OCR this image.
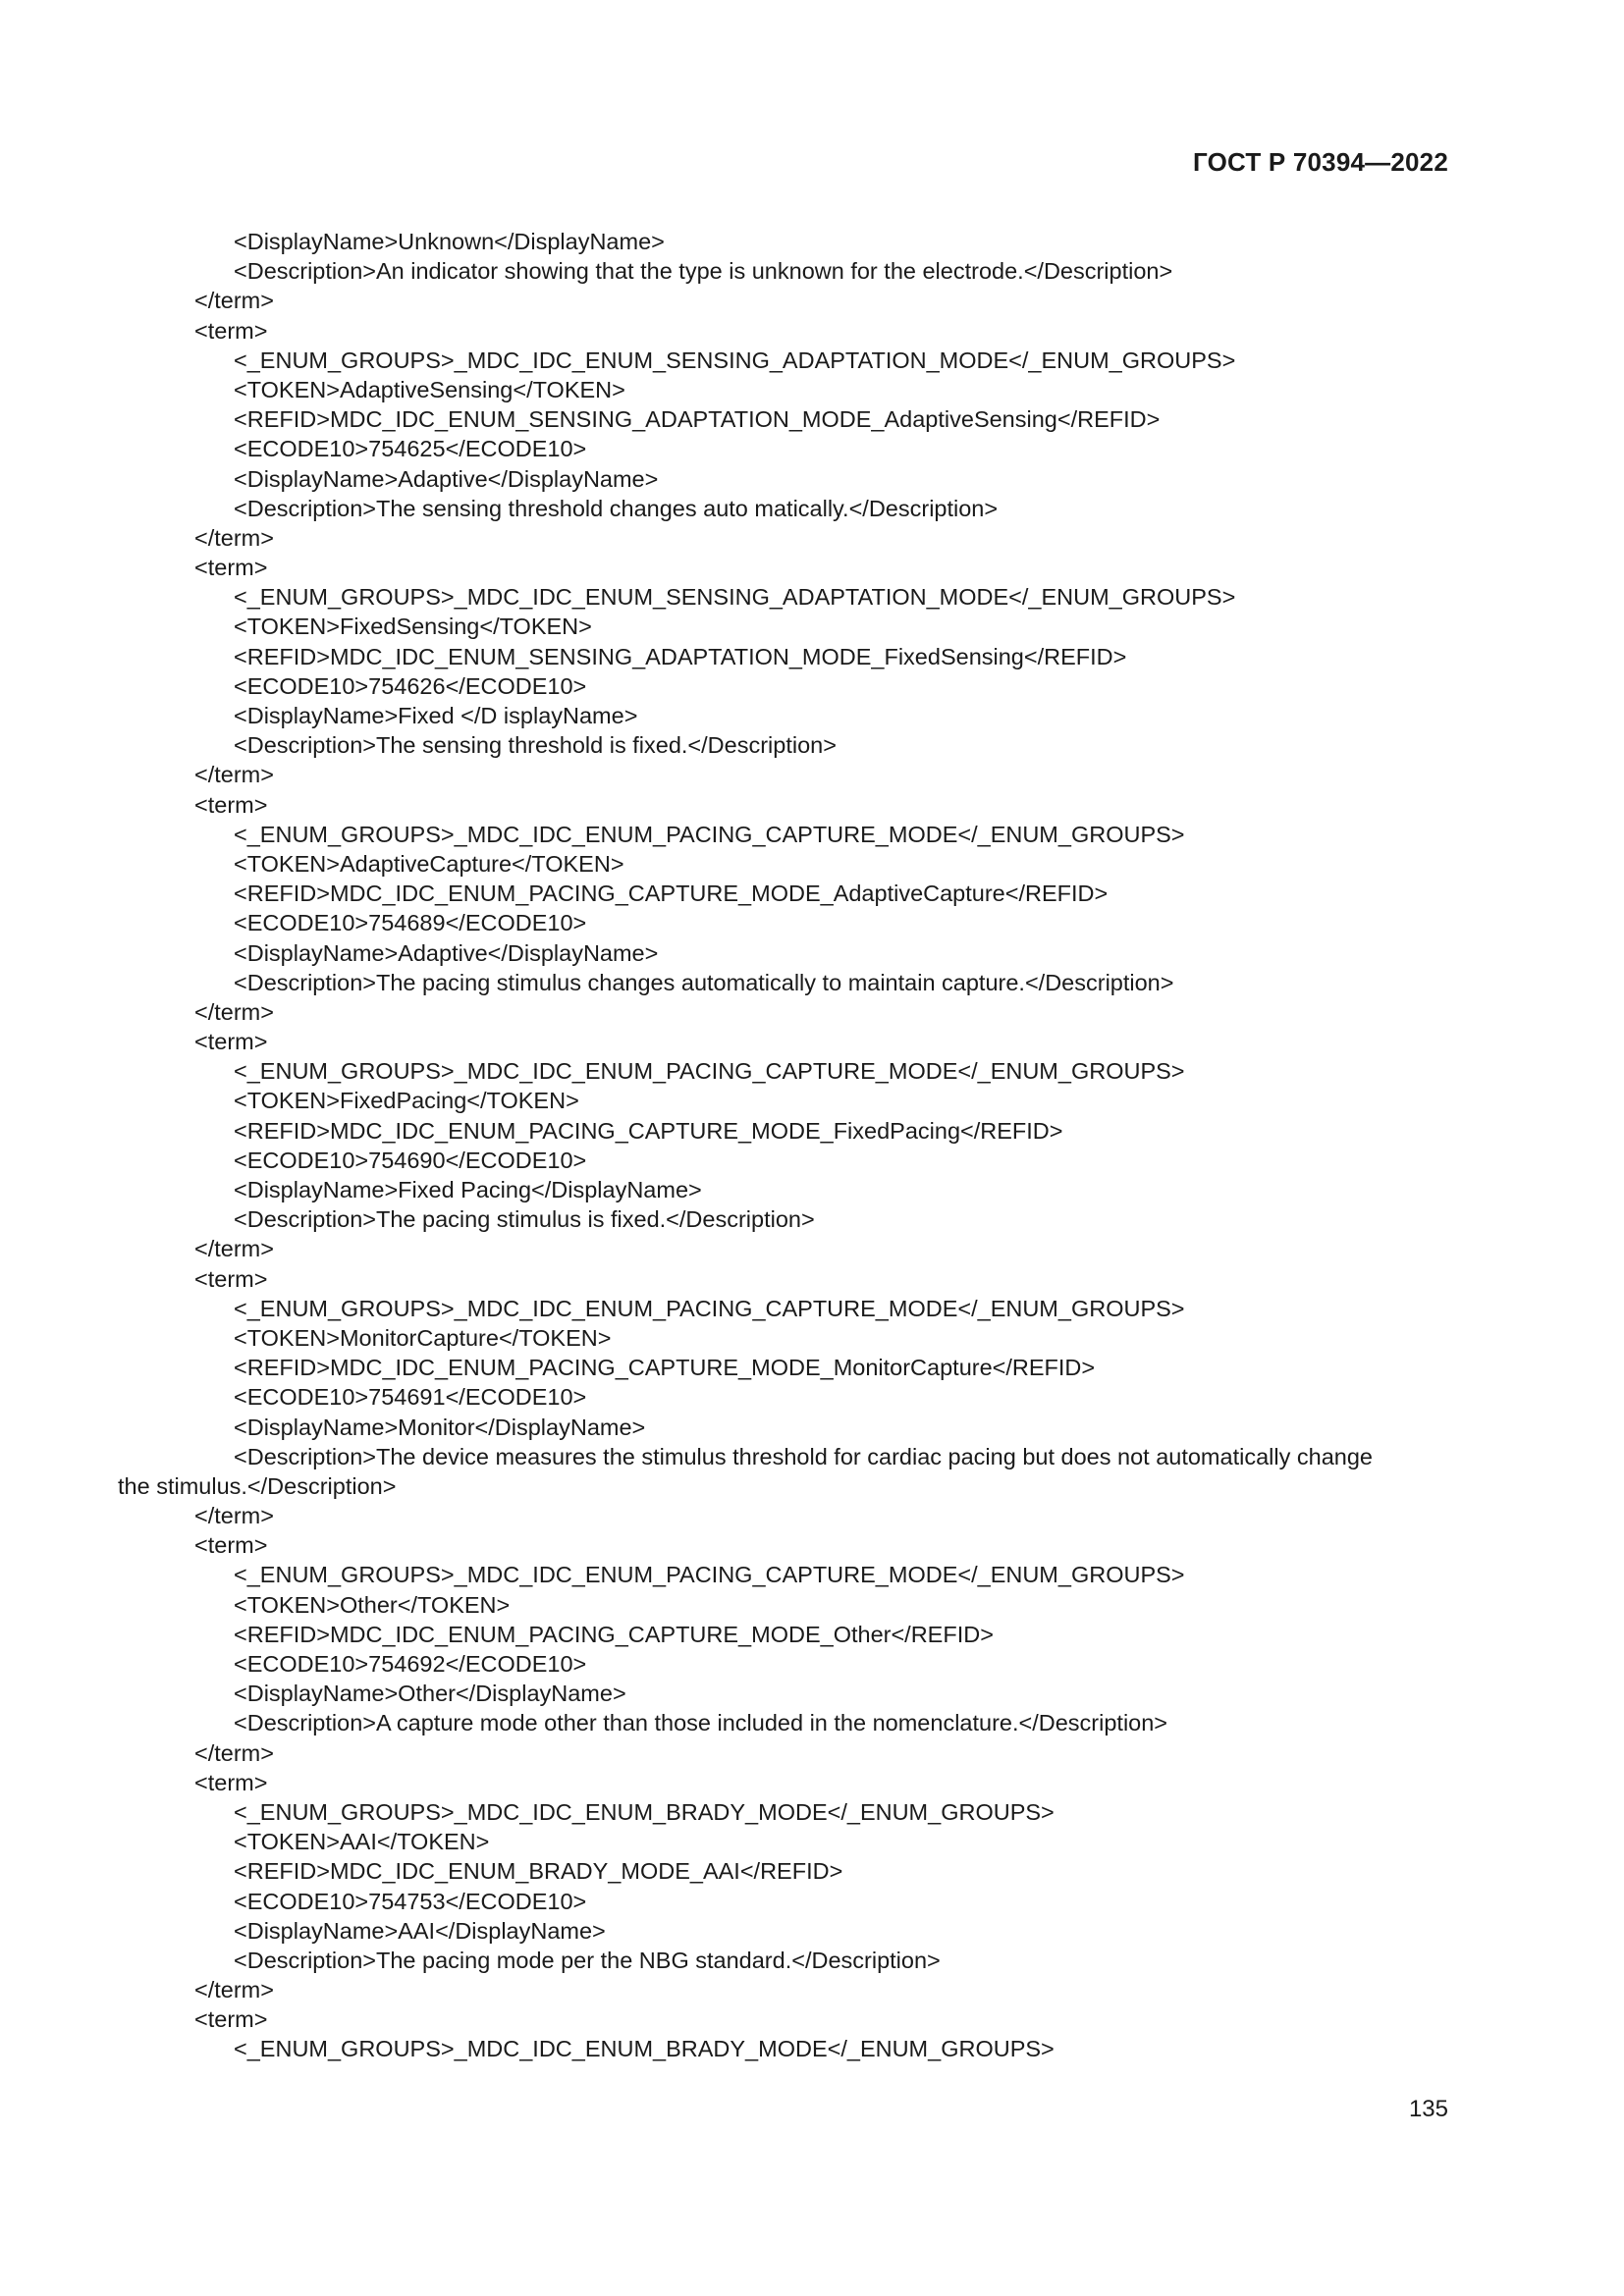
ГОСТ Р 70394—2022
<DisplayName>Unknown</DisplayName>
<Description>An indicator showing that the type is unknown for the electrode.</Description>
</term>
<term>
<_ENUM_GROUPS>_MDC_IDC_ENUM_SENSING_ADAPTATION_MODE</_ENUM_GROUPS>
<TOKEN>AdaptiveSensing</TOKEN>
<REFID>MDC_IDC_ENUM_SENSING_ADAPTATION_MODE_AdaptiveSensing</REFID>
<ECODE10>754625</ECODE10>
<DisplayName>Adaptive</DisplayName>
<Description>The sensing threshold changes auto matically.</Description>
</term>
<term>
<_ENUM_GROUPS>_MDC_IDC_ENUM_SENSING_ADAPTATION_MODE</_ENUM_GROUPS>
<TOKEN>FixedSensing</TOKEN>
<REFID>MDC_IDC_ENUM_SENSING_ADAPTATION_MODE_FixedSensing</REFID>
<ECODE10>754626</ECODE10>
<DisplayName>Fixed </D isplayName>
<Description>The sensing threshold is fixed.</Description>
</term>
<term>
<_ENUM_GROUPS>_MDC_IDC_ENUM_PACING_CAPTURE_MODE</_ENUM_GROUPS>
<TOKEN>AdaptiveCapture</TOKEN>
<REFID>MDC_IDC_ENUM_PACING_CAPTURE_MODE_AdaptiveCapture</REFID>
<ECODE10>754689</ECODE10>
<DisplayName>Adaptive</DisplayName>
<Description>The pacing stimulus changes automatically to maintain capture.</Description>
</term>
<term>
<_ENUM_GROUPS>_MDC_IDC_ENUM_PACING_CAPTURE_MODE</_ENUM_GROUPS>
<TOKEN>FixedPacing</TOKEN>
<REFID>MDC_IDC_ENUM_PACING_CAPTURE_MODE_FixedPacing</REFID>
<ECODE10>754690</ECODE10>
<DisplayName>Fixed Pacing</DisplayName>
<Description>The pacing stimulus is fixed.</Description>
</term>
<term>
<_ENUM_GROUPS>_MDC_IDC_ENUM_PACING_CAPTURE_MODE</_ENUM_GROUPS>
<TOKEN>MonitorCapture</TOKEN>
<REFID>MDC_IDC_ENUM_PACING_CAPTURE_MODE_MonitorCapture</REFID>
<ECODE10>754691</ECODE10>
<DisplayName>Monitor</DisplayName>
<Description>The device measures the stimulus threshold for cardiac pacing but does not automatically change
the stimulus.</Description>
</term>
<term>
<_ENUM_GROUPS>_MDC_IDC_ENUM_PACING_CAPTURE_MODE</_ENUM_GROUPS>
<TOKEN>Other</TOKEN>
<REFID>MDC_IDC_ENUM_PACING_CAPTURE_MODE_Other</REFID>
<ECODE10>754692</ECODE10>
<DisplayName>Other</DisplayName>
<Description>A capture mode other than those included in the nomenclature.</Description>
</term>
<term>
<_ENUM_GROUPS>_MDC_IDC_ENUM_BRADY_MODE</_ENUM_GROUPS>
<TOKEN>AAI</TOKEN>
<REFID>MDC_IDC_ENUM_BRADY_MODE_AAI</REFID>
<ECODE10>754753</ECODE10>
<DisplayName>AAI</DisplayName>
<Description>The pacing mode per the NBG standard.</Description>
</term>
<term>
<_ENUM_GROUPS>_MDC_IDC_ENUM_BRADY_MODE</_ENUM_GROUPS>
135
